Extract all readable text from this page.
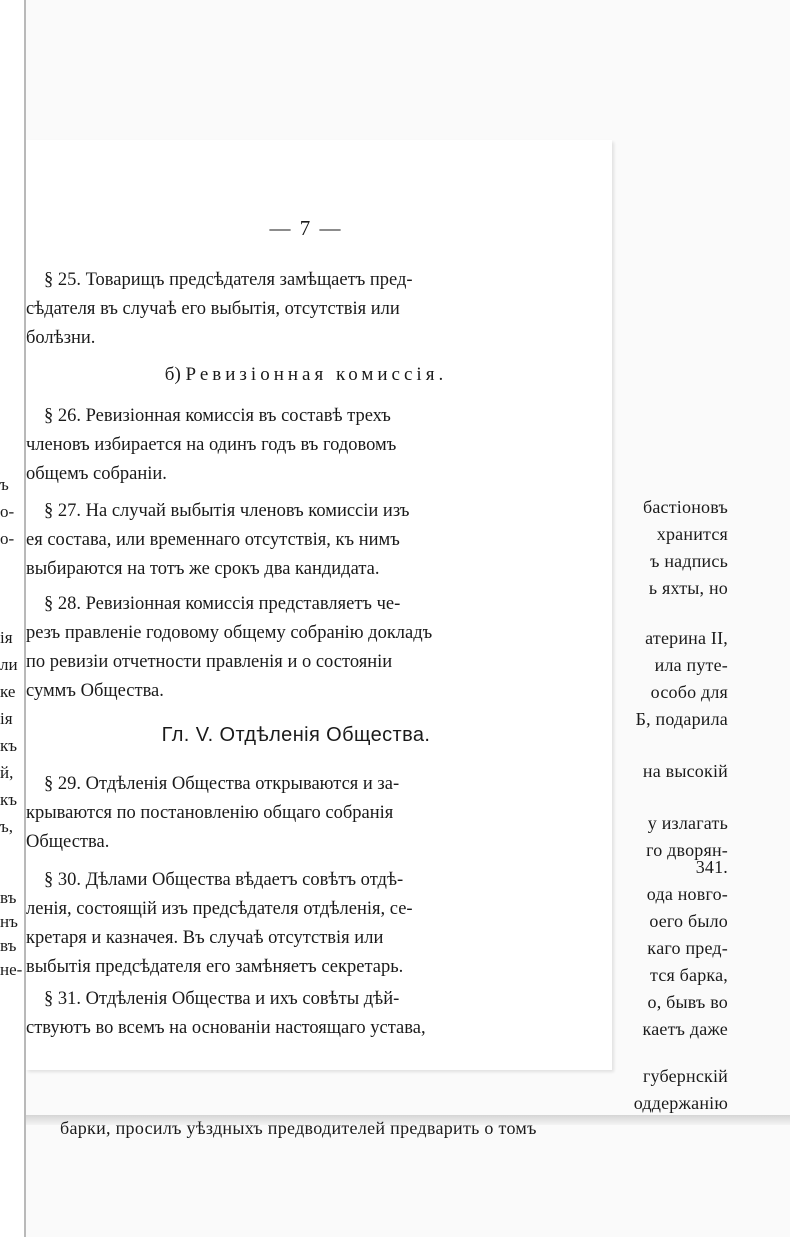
бастіоновъ
хранится
ъ надпись
ь яхты, но
атерина II,
ила путе-
особо для
Б, подарила
на высокій
у излагать
го дворян-
341.
ода новго-
оего было
кaго пред-
тся барка,
о, бывъ во
каетъ даже
губернскій
оддержанію
барки, просилъ уѣздныхъ предводителей предварить о томъ
ъ
о-
о-
ія
ли
ке
ія
къ
й,
къ
ъ,
въ
нъ
въ
не-
— 7 —
§ 25. Товарищъ предсѣдателя замѣщаетъ пред-
сѣдателя въ случаѣ его выбытія, отсутствія или
болѣзни.
б) Ревизіонная комиссія.
§ 26. Ревизіонная комиссія въ составѣ трехъ
членовъ избирается на одинъ годъ въ годовомъ
общемъ собраніи.
§ 27. На случай выбытія членовъ комиссіи изъ
ея состава, или временнаго отсутствія, къ нимъ
выбираются на тотъ же срокъ два кандидата.
§ 28. Ревизіонная комиссія представляетъ че-
резъ правленіе годовому общему собранію докладъ
по ревизіи отчетности правленія и о состояніи
суммъ Общества.
Гл. V. Отдѣленія Общества.
§ 29. Отдѣленія Общества открываются и за-
крываются по постановленію общаго собранія
Общества.
§ 30. Дѣлами Общества вѣдаетъ совѣтъ отдѣ-
ленія, состоящій изъ предсѣдателя отдѣленія, се-
кретаря и казначея. Въ случаѣ отсутствія или
выбытія предсѣдателя его замѣняетъ секретарь.
§ 31. Отдѣленія Общества и ихъ совѣты дѣй-
ствуютъ во всемъ на основаніи настоящаго устава,
